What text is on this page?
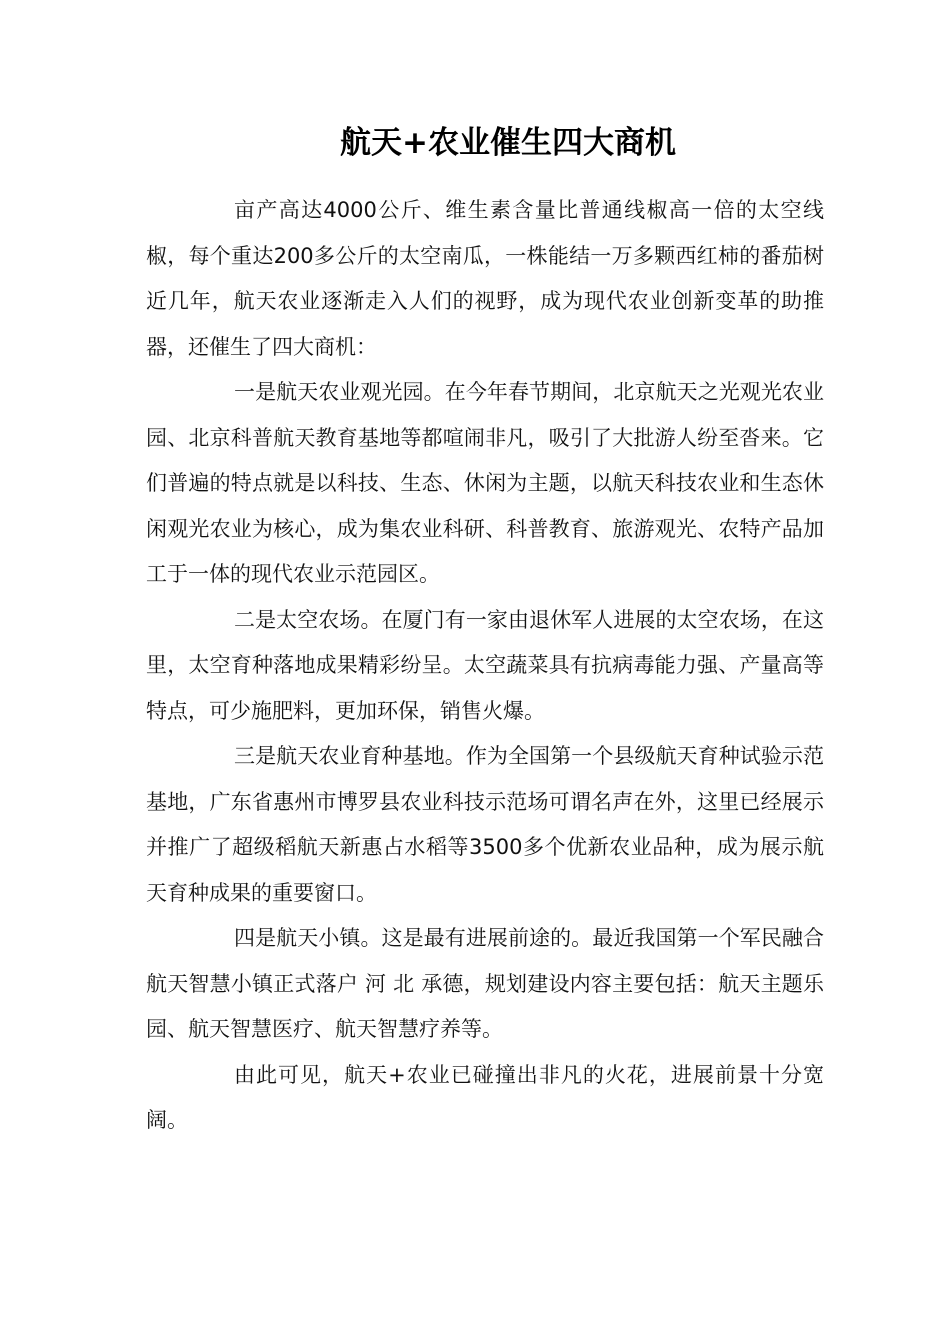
航天+农业催生四大商机

亩产高达4000公斤、维生素含量比普通线椒高一倍的太空线椒，每个重达200多公斤的太空南瓜，一株能结一万多颗西红柿的番茄树近几年，航天农业逐渐走入人们的视野，成为现代农业创新变革的助推器，还催生了四大商机：

一是航天农业观光园。在今年春节期间，北京航天之光观光农业园、北京科普航天教育基地等都喧闹非凡，吸引了大批游人纷至沓来。它们普遍的特点就是以科技、生态、休闲为主题，以航天科技农业和生态休闲观光农业为核心，成为集农业科研、科普教育、旅游观光、农特产品加工于一体的现代农业示范园区。

二是太空农场。在厦门有一家由退休军人进展的太空农场，在这里，太空育种落地成果精彩纷呈。太空蔬菜具有抗病毒能力强、产量高等特点，可少施肥料，更加环保，销售火爆。

三是航天农业育种基地。作为全国第一个县级航天育种试验示范基地，广东省惠州市博罗县农业科技示范场可谓名声在外，这里已经展示并推广了超级稻航天新惠占水稻等3500多个优新农业品种，成为展示航天育种成果的重要窗口。

四是航天小镇。这是最有进展前途的。最近我国第一个军民融合航天智慧小镇正式落户 河 北 承德，规划建设内容主要包括：航天主题乐园、航天智慧医疗、航天智慧疗养等。

由此可见，航天+农业已碰撞出非凡的火花，进展前景十分宽阔。
